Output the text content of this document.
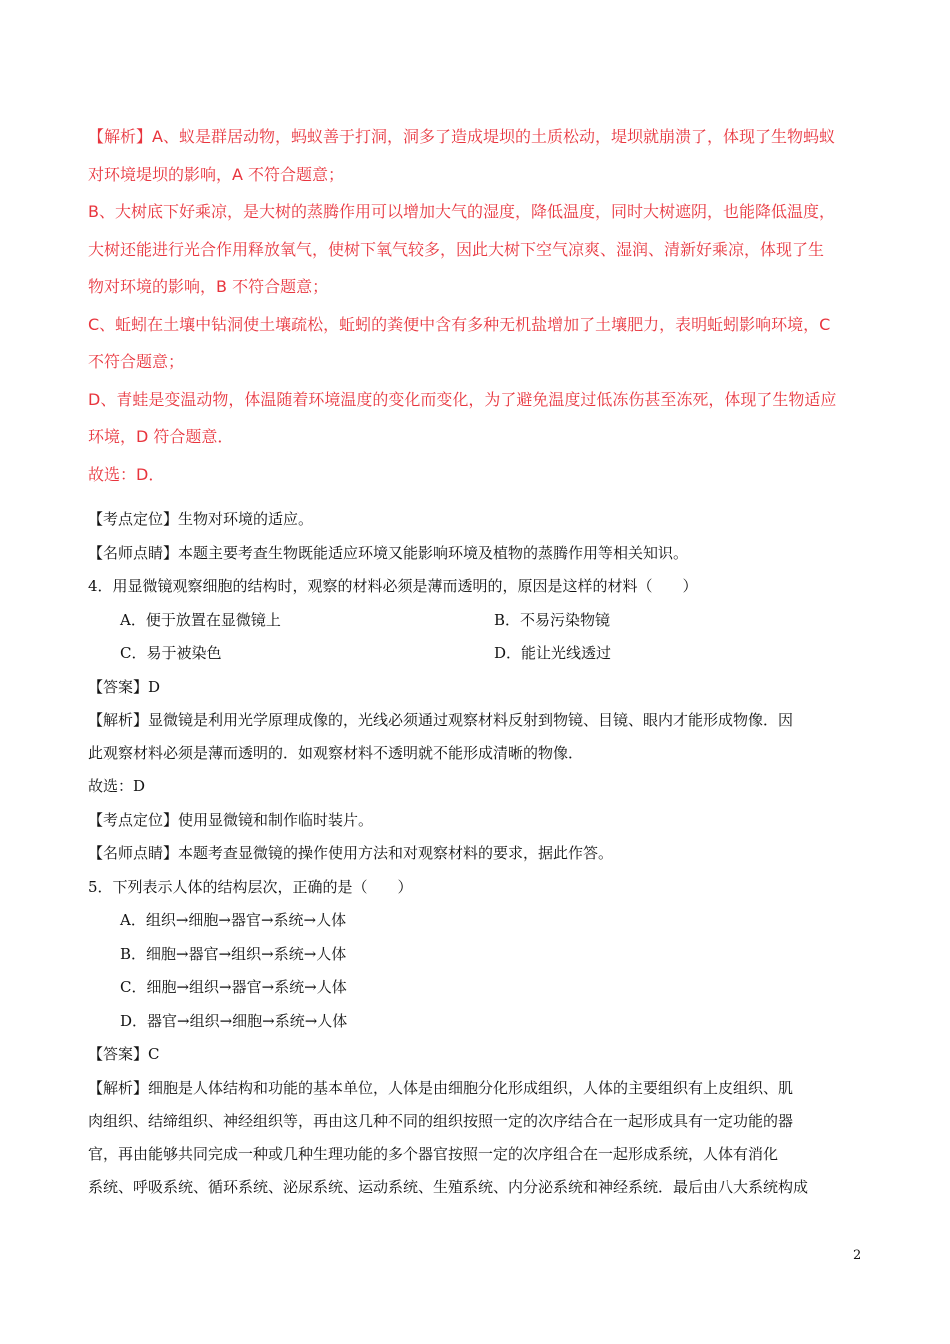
【解析】A、蚁是群居动物，蚂蚁善于打洞，洞多了造成堤坝的土质松动，堤坝就崩溃了，体现了生物蚂蚁

对环境堤坝的影响，A 不符合题意；

B、大树底下好乘凉，是大树的蒸腾作用可以增加大气的湿度，降低温度，同时大树遮阴，也能降低温度，

大树还能进行光合作用释放氧气，使树下氧气较多，因此大树下空气凉爽、湿润、清新好乘凉，体现了生

物对环境的影响，B 不符合题意；

C、蚯蚓在土壤中钻洞使土壤疏松，蚯蚓的粪便中含有多种无机盐增加了土壤肥力，表明蚯蚓影响环境，C

不符合题意；

D、青蛙是变温动物，体温随着环境温度的变化而变化，为了避免温度过低冻伤甚至冻死，体现了生物适应

环境，D 符合题意．

故选：D．

【考点定位】生物对环境的适应。

【名师点睛】本题主要考查生物既能适应环境又能影响环境及植物的蒸腾作用等相关知识。

4．用显微镜观察细胞的结构时，观察的材料必须是薄而透明的，原因是这样的材料（　　）

A．便于放置在显微镜上	B．不易污染物镜
C．易于被染色	D．能让光线透过

【答案】D

【解析】显微镜是利用光学原理成像的，光线必须通过观察材料反射到物镜、目镜、眼内才能形成物像．因

此观察材料必须是薄而透明的．如观察材料不透明就不能形成清晰的物像．

故选：D

【考点定位】使用显微镜和制作临时装片。

【名师点睛】本题考查显微镜的操作使用方法和对观察材料的要求，据此作答。

5．下列表示人体的结构层次，正确的是（　　）

A．组织→细胞→器官→系统→人体

B．细胞→器官→组织→系统→人体

C．细胞→组织→器官→系统→人体

D．器官→组织→细胞→系统→人体

【答案】C

【解析】细胞是人体结构和功能的基本单位，人体是由细胞分化形成组织，人体的主要组织有上皮组织、肌

肉组织、结缔组织、神经组织等，再由这几种不同的组织按照一定的次序结合在一起形成具有一定功能的器

官，再由能够共同完成一种或几种生理功能的多个器官按照一定的次序组合在一起形成系统，人体有消化

系统、呼吸系统、循环系统、泌尿系统、运动系统、生殖系统、内分泌系统和神经系统．最后由八大系统构成

2
